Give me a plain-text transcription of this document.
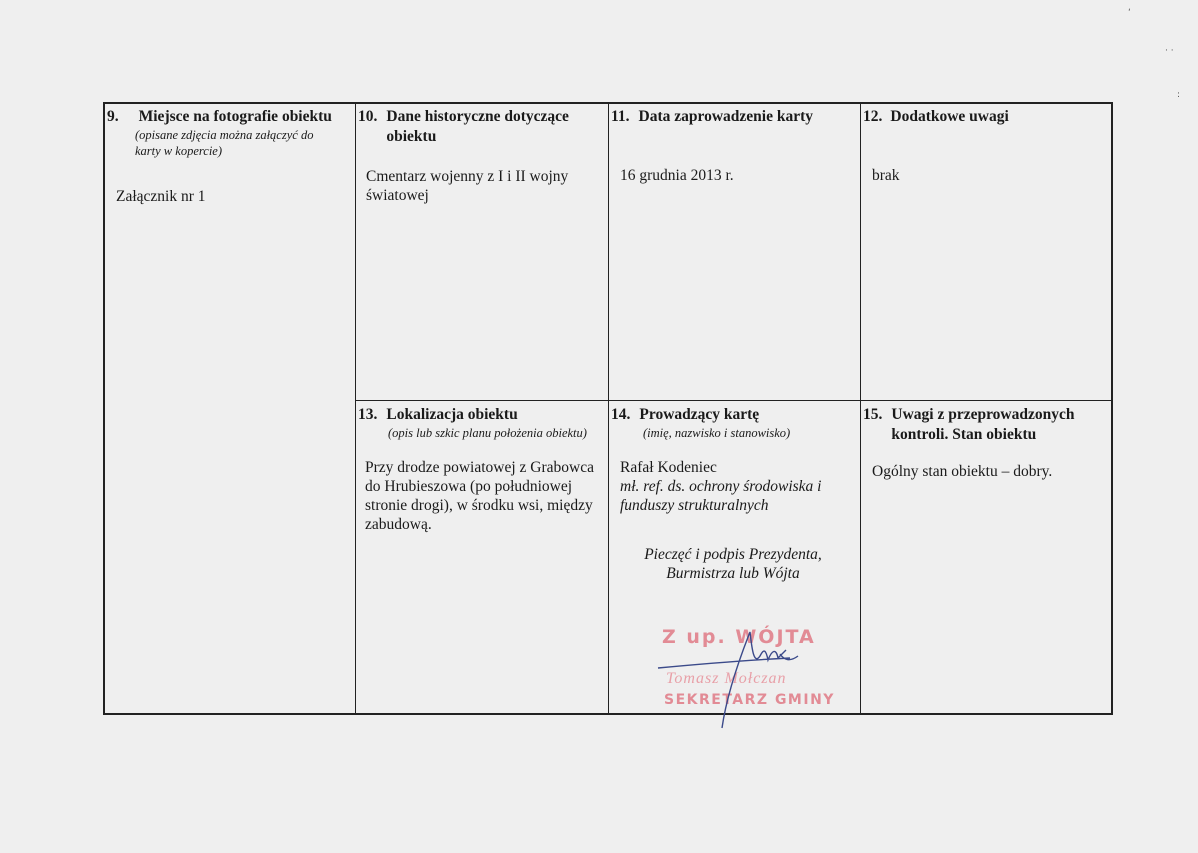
‘
· ·
:
9. Miejsce na fotografie obiektu
(opisane zdjęcia można załączyć do karty w kopercie)
Załącznik nr 1
10. Dane historyczne dotyczące obiektu
Cmentarz wojenny z I i II wojny światowej
11. Data zaprowadzenie karty
16 grudnia 2013 r.
12. Dodatkowe uwagi
brak
13. Lokalizacja obiektu
(opis lub szkic planu położenia obiektu)
Przy drodze powiatowej z Grabowca do Hrubieszowa (po południowej stronie drogi), w środku wsi, między zabudową.
14. Prowadzący kartę
(imię, nazwisko i stanowisko)
Rafał Kodeniec
mł. ref. ds. ochrony środowiska i funduszy strukturalnych
Pieczęć i podpis Prezydenta, Burmistrza lub Wójta
15. Uwagi z przeprowadzonych kontroli. Stan obiektu
Ogólny stan obiektu – dobry.
Z up. WÓJTA
Tomasz Mołczan
SEKRETARZ GMINY
